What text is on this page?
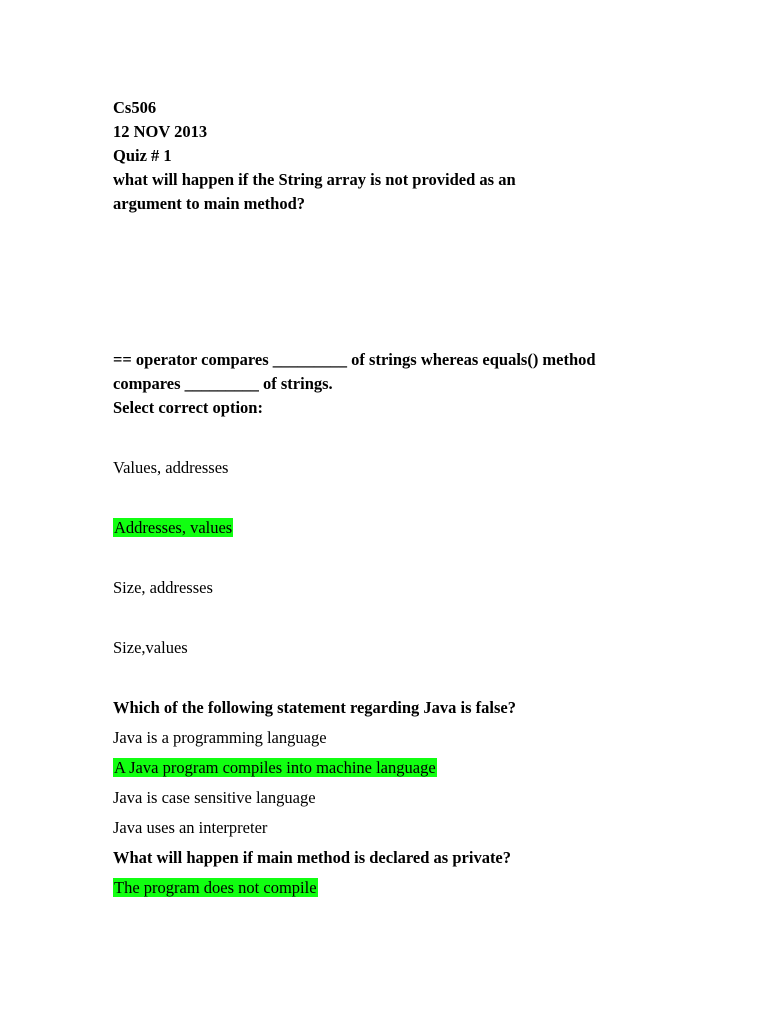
Cs506

12 NOV 2013

Quiz # 1

what will happen if the String array is not provided as an

argument to main method?

== operator compares _________ of strings whereas equals() method

compares _________ of strings.

Select correct option:

Values, addresses

Addresses, values

Size, addresses

Size,values

Which of the following statement regarding Java is false?

Java is a programming language

A Java program compiles into machine language

Java is case sensitive language

Java uses an interpreter

What will happen if main method is declared as private?

The program does not compile
